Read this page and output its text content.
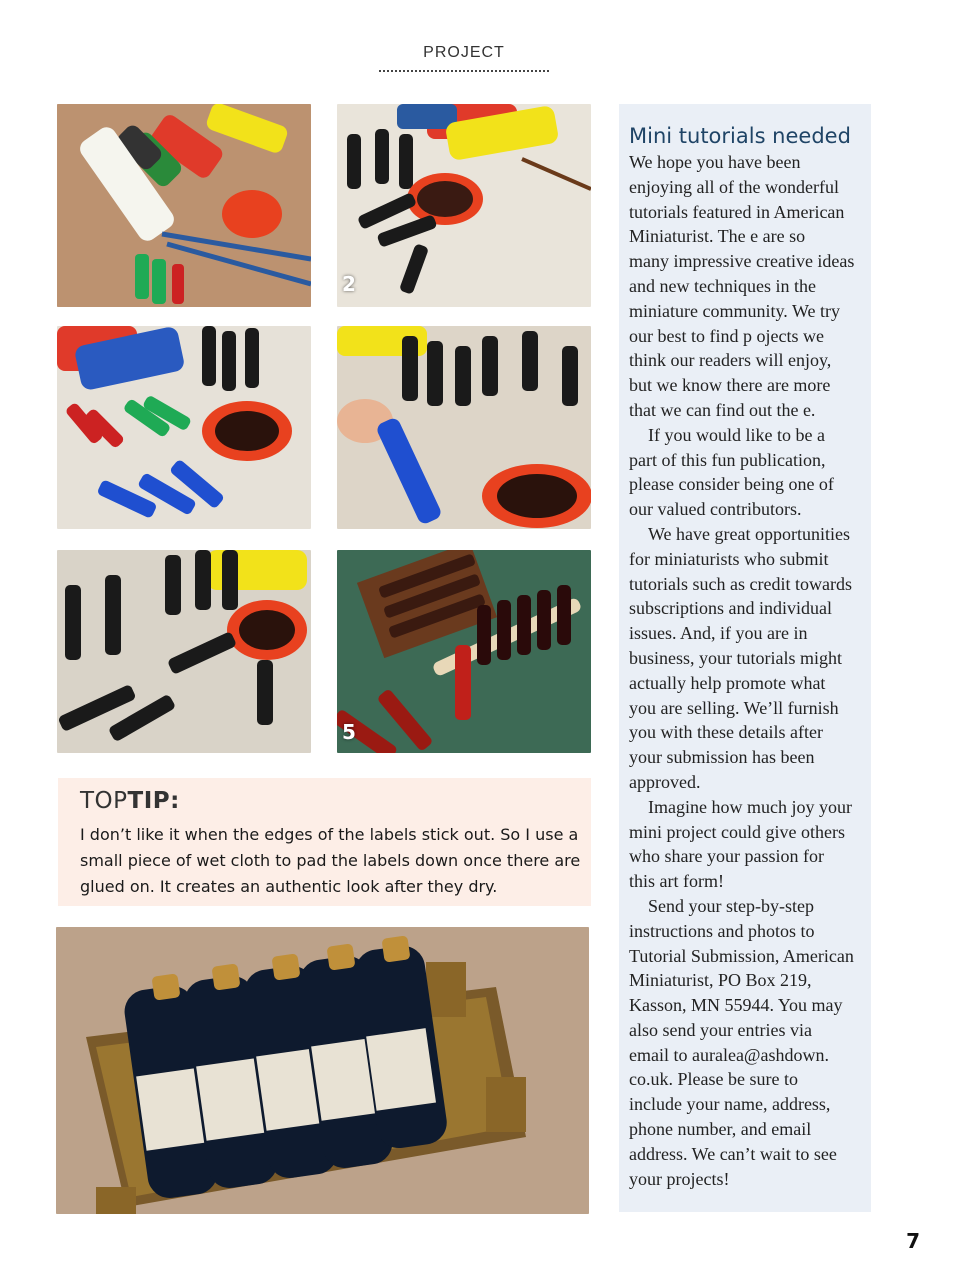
PROJECT
2
5
TOPTIP:

I don’t like it when the edges of the labels stick out. So I use a
small piece of wet cloth to pad the labels down once there are
glued on. It creates an authentic look after they dry.

Mini tutorials needed

We hope you have been
enjoying all of the wonderful
tutorials featured in American
Miniaturist. The e are so
many impressive creative ideas
and new techniques in the
miniature community. We try
our best to find p ojects we
think our readers will enjoy,
but we know there are more
that we can find out the e.

If you would like to be a
part of this fun publication,
please consider being one of
our valued contributors.

We have great opportunities
for miniaturists who submit
tutorials such as credit towards
subscriptions and individual
issues. And, if you are in
business, your tutorials might
actually help promote what
you are selling. We’ll furnish
you with these details after
your submission has been
approved.

Imagine how much joy your
mini project could give others
who share your passion for
this art form!

Send your step-by-step
instructions and photos to
Tutorial Submission, American
Miniaturist, PO Box 219,
Kasson, MN 55944. You may
also send your entries via
email to auralea@ashdown.
co.uk. Please be sure to
include your name, address,
phone number, and email
address. We can’t wait to see
your projects!

7
